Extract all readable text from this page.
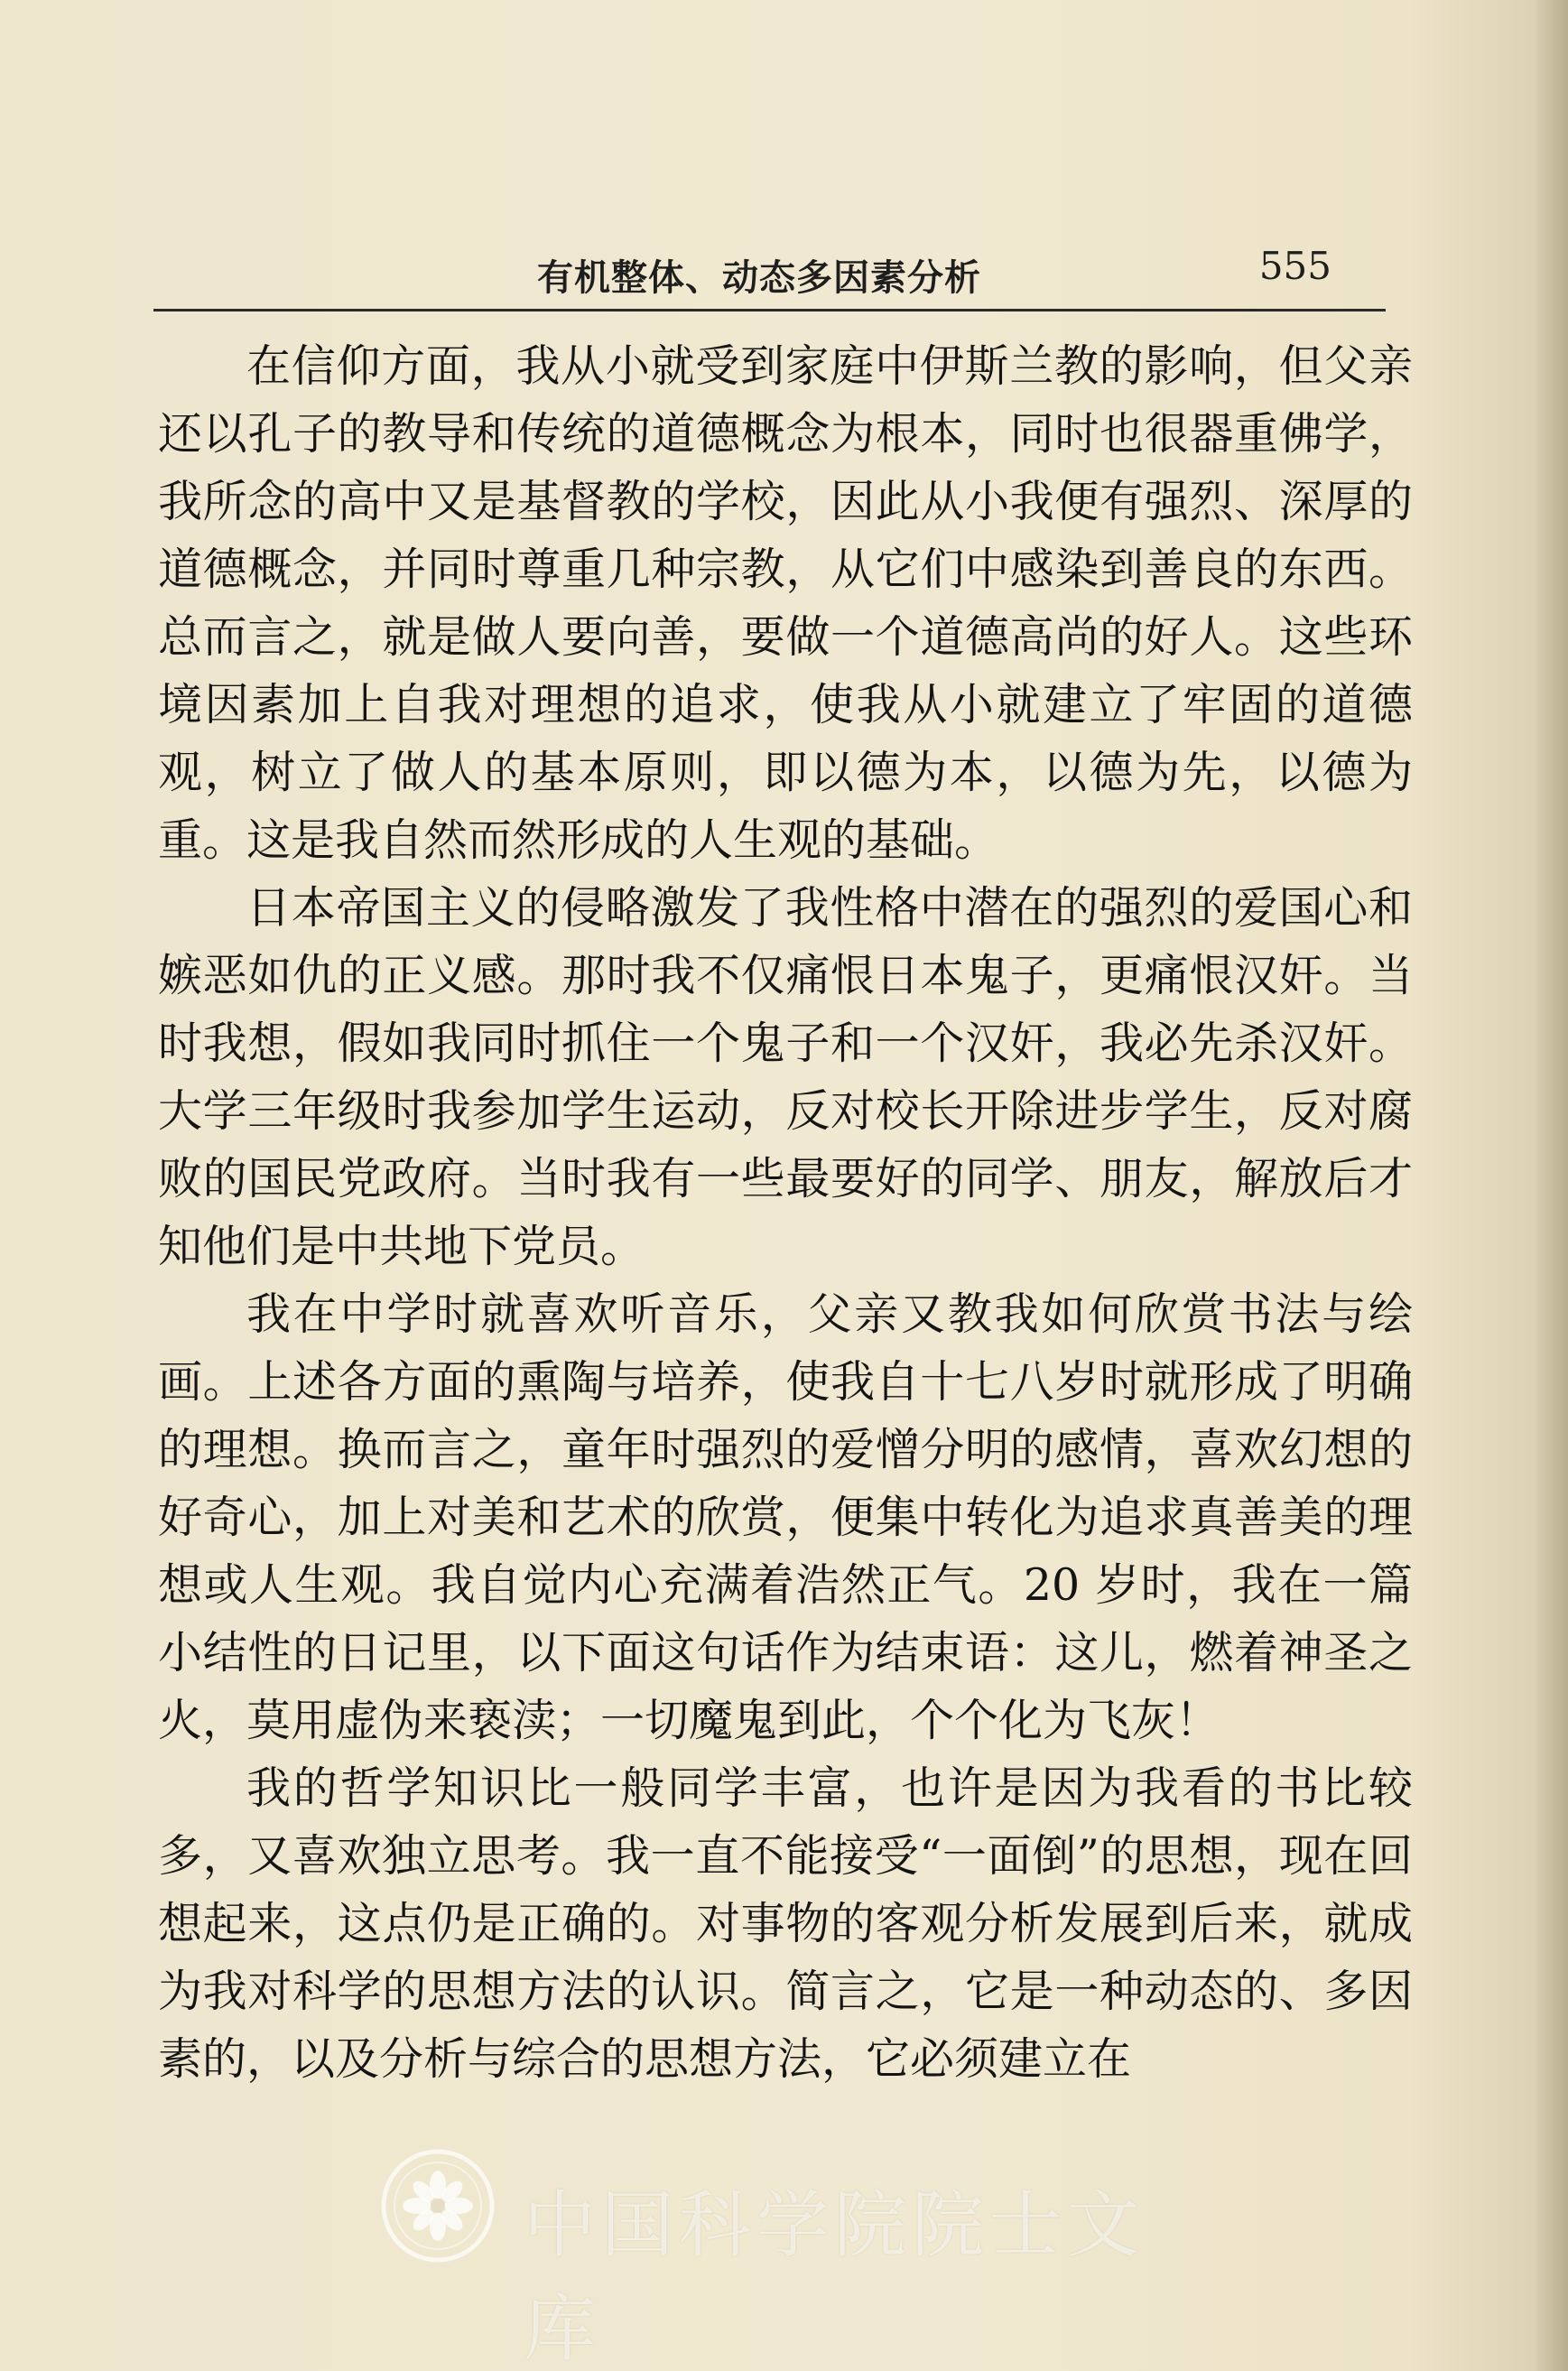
有机整体、动态多因素分析	555

在信仰方面，我从小就受到家庭中伊斯兰教的影响，但父亲还以孔子的教导和传统的道德概念为根本，同时也很器重佛学，我所念的高中又是基督教的学校，因此从小我便有强烈、深厚的道德概念，并同时尊重几种宗教，从它们中感染到善良的东西。总而言之，就是做人要向善，要做一个道德高尚的好人。这些环境因素加上自我对理想的追求，使我从小就建立了牢固的道德观，树立了做人的基本原则，即以德为本，以德为先，以德为重。这是我自然而然形成的人生观的基础。

日本帝国主义的侵略激发了我性格中潜在的强烈的爱国心和嫉恶如仇的正义感。那时我不仅痛恨日本鬼子，更痛恨汉奸。当时我想，假如我同时抓住一个鬼子和一个汉奸，我必先杀汉奸。大学三年级时我参加学生运动，反对校长开除进步学生，反对腐败的国民党政府。当时我有一些最要好的同学、朋友，解放后才知他们是中共地下党员。

我在中学时就喜欢听音乐，父亲又教我如何欣赏书法与绘画。上述各方面的熏陶与培养，使我自十七八岁时就形成了明确的理想。换而言之，童年时强烈的爱憎分明的感情，喜欢幻想的好奇心，加上对美和艺术的欣赏，便集中转化为追求真善美的理想或人生观。我自觉内心充满着浩然正气。20 岁时，我在一篇小结性的日记里，以下面这句话作为结束语：这儿，燃着神圣之火，莫用虚伪来亵渎；一切魔鬼到此，个个化为飞灰！

我的哲学知识比一般同学丰富，也许是因为我看的书比较多，又喜欢独立思考。我一直不能接受“一面倒”的思想，现在回想起来，这点仍是正确的。对事物的客观分析发展到后来，就成为我对科学的思想方法的认识。简言之，它是一种动态的、多因素的，以及分析与综合的思想方法，它必须建立在

中国科学院院士文库
